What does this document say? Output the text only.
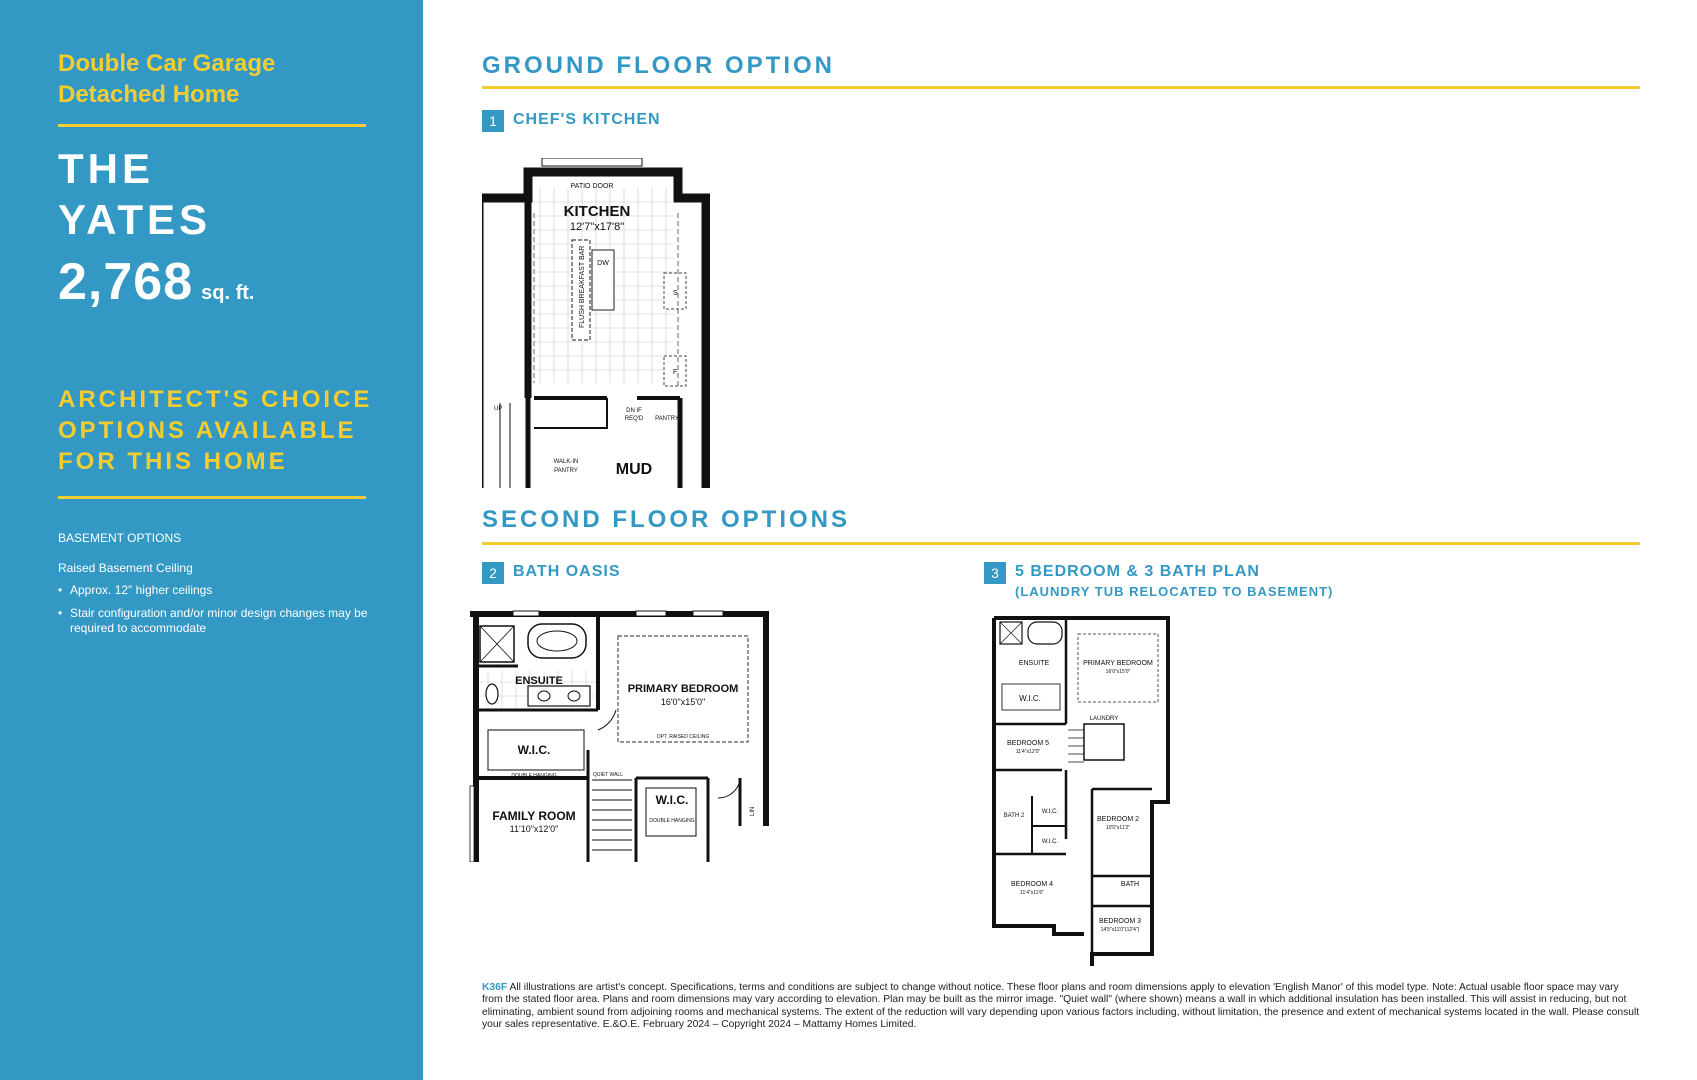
Double Car Garage
Detached Home
THE
YATES
2,768 sq. ft.
ARCHITECT'S CHOICE
OPTIONS AVAILABLE
FOR THIS HOME
BASEMENT OPTIONS
Raised Basement Ceiling
• Approx. 12" higher ceilings
• Stair configuration and/or minor design changes may be required to accommodate
GROUND FLOOR OPTION
1	CHEF'S KITCHEN
PATIO DOOR
KITCHEN
12'7"x17'8"
DW
FLUSH BREAKFAST BAR	S
F
UP	DN IF
REQ'D PANTRY
WALK-IN
PANTRY MUD
SECOND FLOOR OPTIONS
2	BATH OASIS	3	5 BEDROOM & 3 BATH PLAN
(LAUNDRY TUB RELOCATED TO BASEMENT)
ENSUITE
PRIMARY BEDROOM
16'0"x15'0"
OPT. RAISED CEILING
W.I.C.
DOUBLE HANGING	QUIET WALL
W.I.C.
DOUBLE HANGING
LIN
FAMILY ROOM
11'10"x12'0"
ENSUITE	PRIMARY BEDROOM
16'0"x15'0"
W.I.C.
LAUNDRY
BEDROOM 5
11'4"x12'0"
BEDROOM 2
10'0"x11'2"
BATH 2
W.I.C.
W.I.C.
BEDROOM 4
11'4"x11'6"
BATH
BEDROOM 3
14'5"x11'0"(12'4")
K36F All illustrations are artist's concept. Specifications, terms and conditions are subject to change without notice. These floor plans and room dimensions apply to elevation 'English Manor' of this model type. Note: Actual usable floor space may vary from the stated floor area. Plans and room dimensions may vary according to elevation. Plan may be built as the mirror image. "Quiet wall" (where shown) means a wall in which additional insulation has been installed. This will assist in reducing, but not eliminating, ambient sound from adjoining rooms and mechanical systems. The extent of the reduction will vary depending upon various factors including, without limitation, the presence and extent of mechanical systems located in the wall. Please consult your sales representative. E.&O.E. February 2024 – Copyright 2024 – Mattamy Homes Limited.
